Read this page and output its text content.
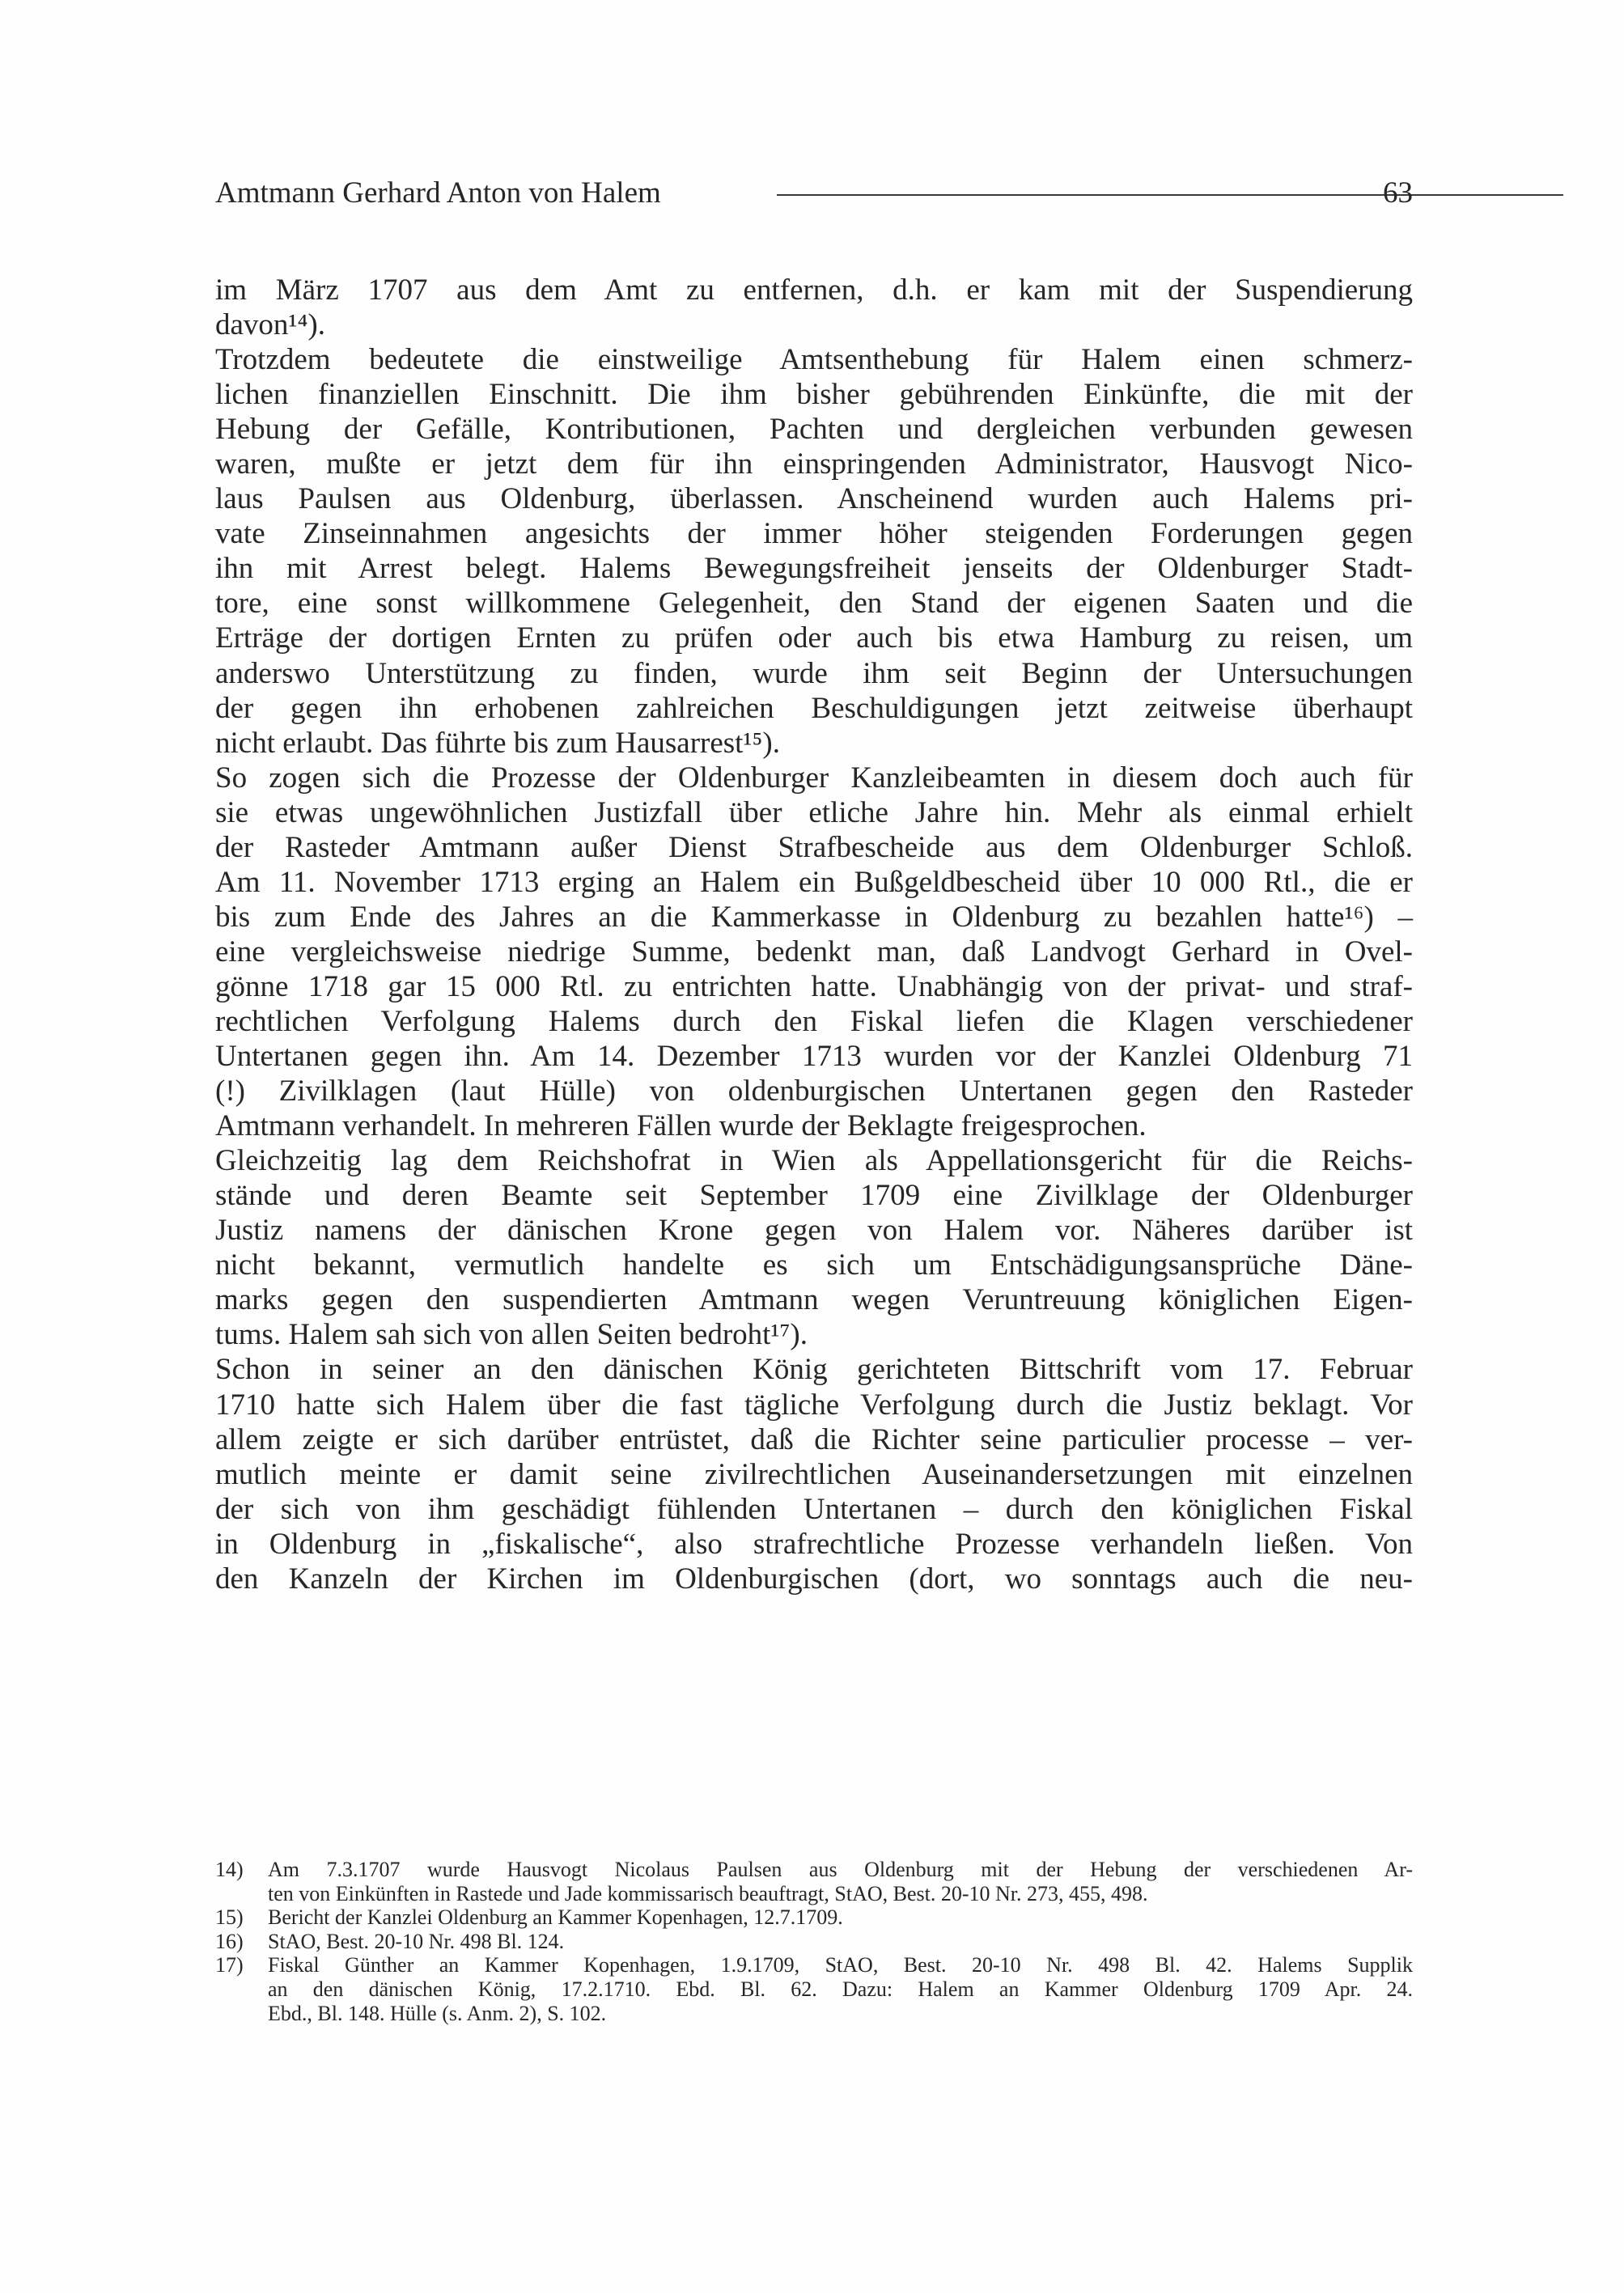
Amtmann Gerhard Anton von Halem	63
im März 1707 aus dem Amt zu entfernen, d.h. er kam mit der Suspendierung
davon¹⁴).
Trotzdem bedeutete die einstweilige Amtsenthebung für Halem einen schmerz-
lichen finanziellen Einschnitt. Die ihm bisher gebührenden Einkünfte, die mit der
Hebung der Gefälle, Kontributionen, Pachten und dergleichen verbunden gewesen
waren, mußte er jetzt dem für ihn einspringenden Administrator, Hausvogt Nico-
laus Paulsen aus Oldenburg, überlassen. Anscheinend wurden auch Halems pri-
vate Zinseinnahmen angesichts der immer höher steigenden Forderungen gegen
ihn mit Arrest belegt. Halems Bewegungsfreiheit jenseits der Oldenburger Stadt-
tore, eine sonst willkommene Gelegenheit, den Stand der eigenen Saaten und die
Erträge der dortigen Ernten zu prüfen oder auch bis etwa Hamburg zu reisen, um
anderswo Unterstützung zu finden, wurde ihm seit Beginn der Untersuchungen
der gegen ihn erhobenen zahlreichen Beschuldigungen jetzt zeitweise überhaupt
nicht erlaubt. Das führte bis zum Hausarrest¹⁵).
So zogen sich die Prozesse der Oldenburger Kanzleibeamten in diesem doch auch für
sie etwas ungewöhnlichen Justizfall über etliche Jahre hin. Mehr als einmal erhielt
der Rasteder Amtmann außer Dienst Strafbescheide aus dem Oldenburger Schloß.
Am 11. November 1713 erging an Halem ein Bußgeldbescheid über 10 000 Rtl., die er
bis zum Ende des Jahres an die Kammerkasse in Oldenburg zu bezahlen hatte¹⁶) –
eine vergleichsweise niedrige Summe, bedenkt man, daß Landvogt Gerhard in Ovel-
gönne 1718 gar 15 000 Rtl. zu entrichten hatte. Unabhängig von der privat- und straf-
rechtlichen Verfolgung Halems durch den Fiskal liefen die Klagen verschiedener
Untertanen gegen ihn. Am 14. Dezember 1713 wurden vor der Kanzlei Oldenburg 71
(!) Zivilklagen (laut Hülle) von oldenburgischen Untertanen gegen den Rasteder
Amtmann verhandelt. In mehreren Fällen wurde der Beklagte freigesprochen.
Gleichzeitig lag dem Reichshofrat in Wien als Appellationsgericht für die Reichs-
stände und deren Beamte seit September 1709 eine Zivilklage der Oldenburger
Justiz namens der dänischen Krone gegen von Halem vor. Näheres darüber ist
nicht bekannt, vermutlich handelte es sich um Entschädigungsansprüche Däne-
marks gegen den suspendierten Amtmann wegen Veruntreuung königlichen Eigen-
tums. Halem sah sich von allen Seiten bedroht¹⁷).
Schon in seiner an den dänischen König gerichteten Bittschrift vom 17. Februar
1710 hatte sich Halem über die fast tägliche Verfolgung durch die Justiz beklagt. Vor
allem zeigte er sich darüber entrüstet, daß die Richter seine particulier processe – ver-
mutlich meinte er damit seine zivilrechtlichen Auseinandersetzungen mit einzelnen
der sich von ihm geschädigt fühlenden Untertanen – durch den königlichen Fiskal
in Oldenburg in „fiskalische“, also strafrechtliche Prozesse verhandeln ließen. Von
den Kanzeln der Kirchen im Oldenburgischen (dort, wo sonntags auch die neu-
14) Am 7.3.1707 wurde Hausvogt Nicolaus Paulsen aus Oldenburg mit der Hebung der verschiedenen Ar-
ten von Einkünften in Rastede und Jade kommissarisch beauftragt, StAO, Best. 20-10 Nr. 273, 455, 498.
15) Bericht der Kanzlei Oldenburg an Kammer Kopenhagen, 12.7.1709.
16) StAO, Best. 20-10 Nr. 498 Bl. 124.
17) Fiskal Günther an Kammer Kopenhagen, 1.9.1709, StAO, Best. 20-10 Nr. 498 Bl. 42. Halems Supplik
an den dänischen König, 17.2.1710. Ebd. Bl. 62. Dazu: Halem an Kammer Oldenburg 1709 Apr. 24.
Ebd., Bl. 148. Hülle (s. Anm. 2), S. 102.
